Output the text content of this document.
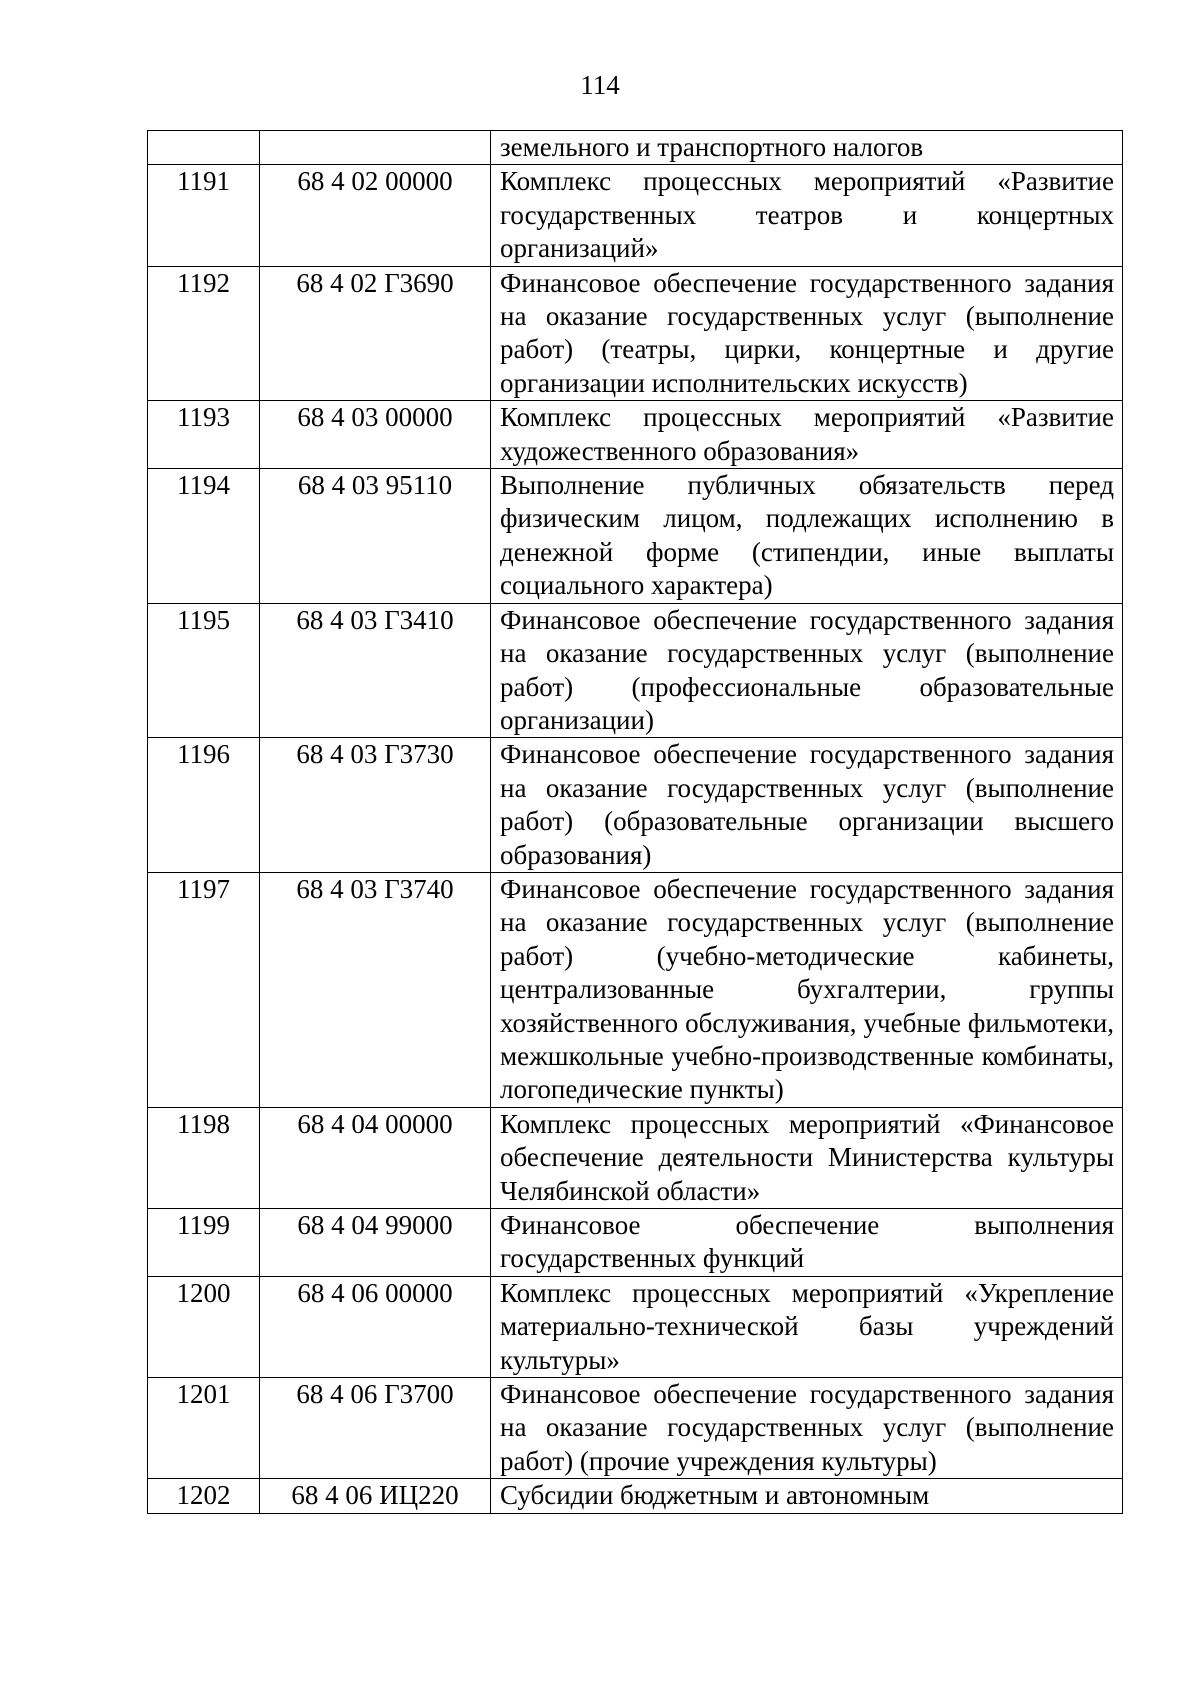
114

		земельного и транспортного налогов

1191	68 4 02 00000	Комплекс процессных мероприятий «Развитие государственных театров и концертных организаций»

1192	68 4 02 Г3690	Финансовое обеспечение государственного задания на оказание государственных услуг (выполнение работ) (театры, цирки, концертные и другие организации исполнительских искусств)

1193	68 4 03 00000	Комплекс процессных мероприятий «Развитие художественного образования»

1194	68 4 03 95110	Выполнение публичных обязательств перед физическим лицом, подлежащих исполнению в денежной форме (стипендии, иные выплаты социального характера)

1195	68 4 03 Г3410	Финансовое обеспечение государственного задания на оказание государственных услуг (выполнение работ) (профессиональные образовательные организации)

1196	68 4 03 Г3730	Финансовое обеспечение государственного задания на оказание государственных услуг (выполнение работ) (образовательные организации высшего образования)

1197	68 4 03 Г3740	Финансовое обеспечение государственного задания на оказание государственных услуг (выполнение работ) (учебно-методические кабинеты, централизованные бухгалтерии, группы хозяйственного обслуживания, учебные фильмотеки, межшкольные учебно-производственные комбинаты, логопедические пункты)

1198	68 4 04 00000	Комплекс процессных мероприятий «Финансовое обеспечение деятельности Министерства культуры Челябинской области»

1199	68 4 04 99000	Финансовое обеспечение выполнения государственных функций

1200	68 4 06 00000	Комплекс процессных мероприятий «Укрепление материально-технической базы учреждений культуры»

1201	68 4 06 Г3700	Финансовое обеспечение государственного задания на оказание государственных услуг (выполнение работ) (прочие учреждения культуры)

1202	68 4 06 ИЦ220	Субсидии бюджетным и автономным
